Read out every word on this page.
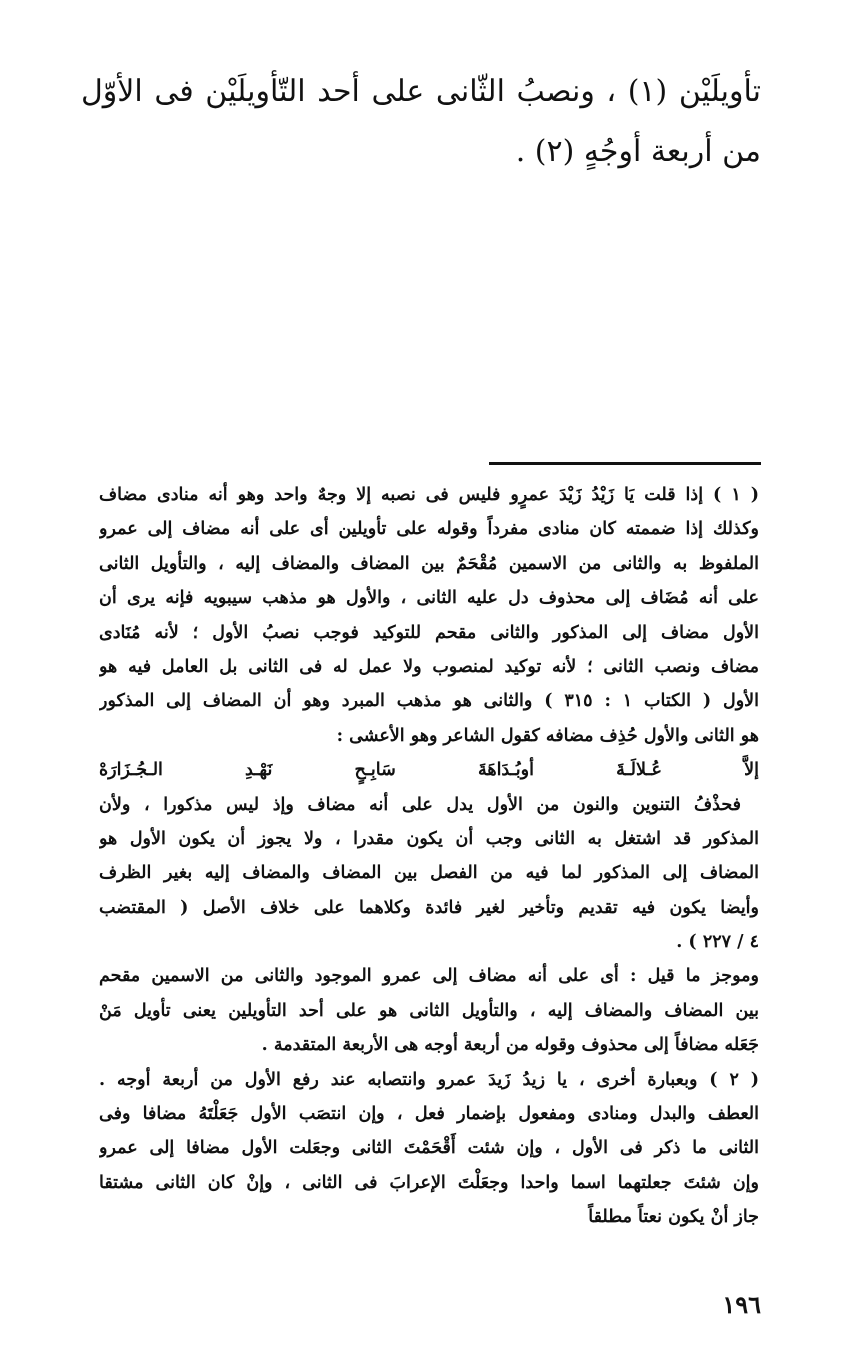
تأويلَيْن (١) ، ونصبُ الثّانى على أحد التّأويلَيْن فى الأوّل من أربعة أوجُهٍ (٢) .

( ١ ) إذا قلت يَا زَيْدُ زَيْدَ عمرٍو فليس فى نصبه إلا وجهٌ واحد وهو أنه منادى مضاف
وكذلك إذا ضممته كان منادى مفرداً وقوله على تأويلين أى على أنه مضاف إلى عمرو
الملفوظ به والثانى من الاسمين مُقْحَمٌ بين المضاف والمضاف إليه ، والتأويل الثانى
على أنه مُضَاف إلى محذوف دل عليه الثانى ، والأول هو مذهب سيبويه فإنه يرى أن
الأول مضاف إلى المذكور والثانى مقحم للتوكيد فوجب نصبُ الأول ؛ لأنه مُنَادى
مضاف ونصب الثانى ؛ لأنه توكيد لمنصوب ولا عمل له فى الثانى بل العامل فيه هو
الأول ( الكتاب ١ : ٣١٥ ) والثانى هو مذهب المبرد وهو أن المضاف إلى المذكور
هو الثانى والأول حُذِف مضافه كقول الشاعر وهو الأعشى :
إلاَّ عُـلالَـةَ أوبُـدَاهَةَ سَابِـحٍ نَهْـدِ الـجُـزَارَهْ
فحذْفُ التنوين والنون من الأول يدل على أنه مضاف وإذ ليس مذكورا ، ولأن
المذكور قد اشتغل به الثانى وجب أن يكون مقدرا ، ولا يجوز أن يكون الأول هو
المضاف إلى المذكور لما فيه من الفصل بين المضاف والمضاف إليه بغير الظرف
وأيضا يكون فيه تقديم وتأخير لغير فائدة وكلاهما على خلاف الأصل ( المقتضب
٤ / ٢٢٧ ) .
وموجز ما قيل : أى على أنه مضاف إلى عمرو الموجود والثانى من الاسمين مقحم
بين المضاف والمضاف إليه ، والتأويل الثانى هو على أحد التأويلين يعنى تأويل مَنْ
جَعَله مضافاً إلى محذوف وقوله من أربعة أوجه هى الأربعة المتقدمة .
( ٢ ) وبعبارة أخرى ، يا زيدُ زَيدَ عمرو وانتصابه عند رفع الأول من أربعة أوجه .
العطف والبدل ومنادى ومفعول بإضمار فعل ، وإن انتصَب الأول جَعَلْتَهُ مضافا وفى
الثانى ما ذكر فى الأول ، وإن شئت أَقْحَمْتَ الثانى وجعَلت الأول مضافا إلى عمرو
وإن شئتَ جعلتهما اسما واحدا وجعَلْتَ الإعرابَ فى الثانى ، وإنْ كان الثانى مشتقا
جاز أنْ يكون نعتاً مطلقاً
١٩٦
